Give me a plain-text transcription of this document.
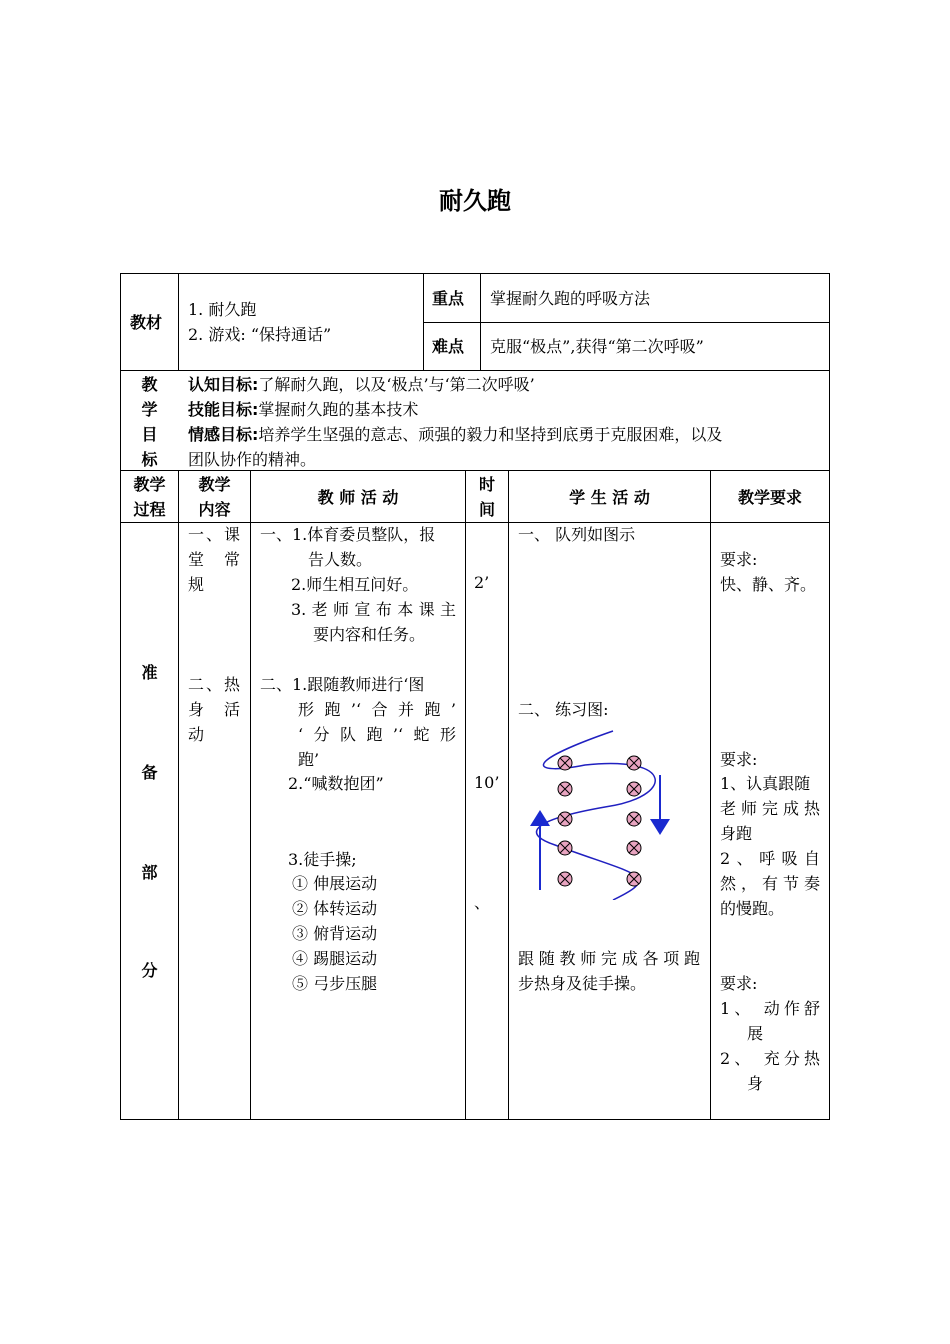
耐久跑
教材
1. 耐久跑
2. 游戏: “保持通话”
重点 掌握耐久跑的呼吸方法
难点 克服“极点”,获得“第二次呼吸”
教
学
目
标
认知目标:了解耐久跑，以及‘极点’与‘第二次呼吸’
技能目标:掌握耐久跑的基本技术
情感目标:培养学生坚强的意志、顽强的毅力和坚持到底勇于克服困难，以及
团队协作的精神。
教学
过程
教学
内容
教 师 活 动
时
间
学 生 活 动	教学要求
准
备
部
分
一、课
堂 常
规
二、热
身 活
动
一、1.体育委员整队，报
告人数。
2.师生相互问好。
3.老师宣布本课主
要内容和任务。
二、1.跟随教师进行‘图
形跑’‘合并跑’
‘分队跑’‘蛇形
跑’
2.“喊数抱团”
3.徒手操;
① 伸展运动
② 体转运动
③ 俯背运动
④ 踢腿运动
⑤ 弓步压腿
2’
10’
、
一、 队列如图示
二、 练习图:
跟随教师完成各项跑
步热身及徒手操。
要求:
快、静、齐。
要求:
1、认真跟随
老师完成热
身跑
2、呼吸自
然，有节奏
的慢跑。
要求:
1、 动作舒
展
2、 充分热
身
